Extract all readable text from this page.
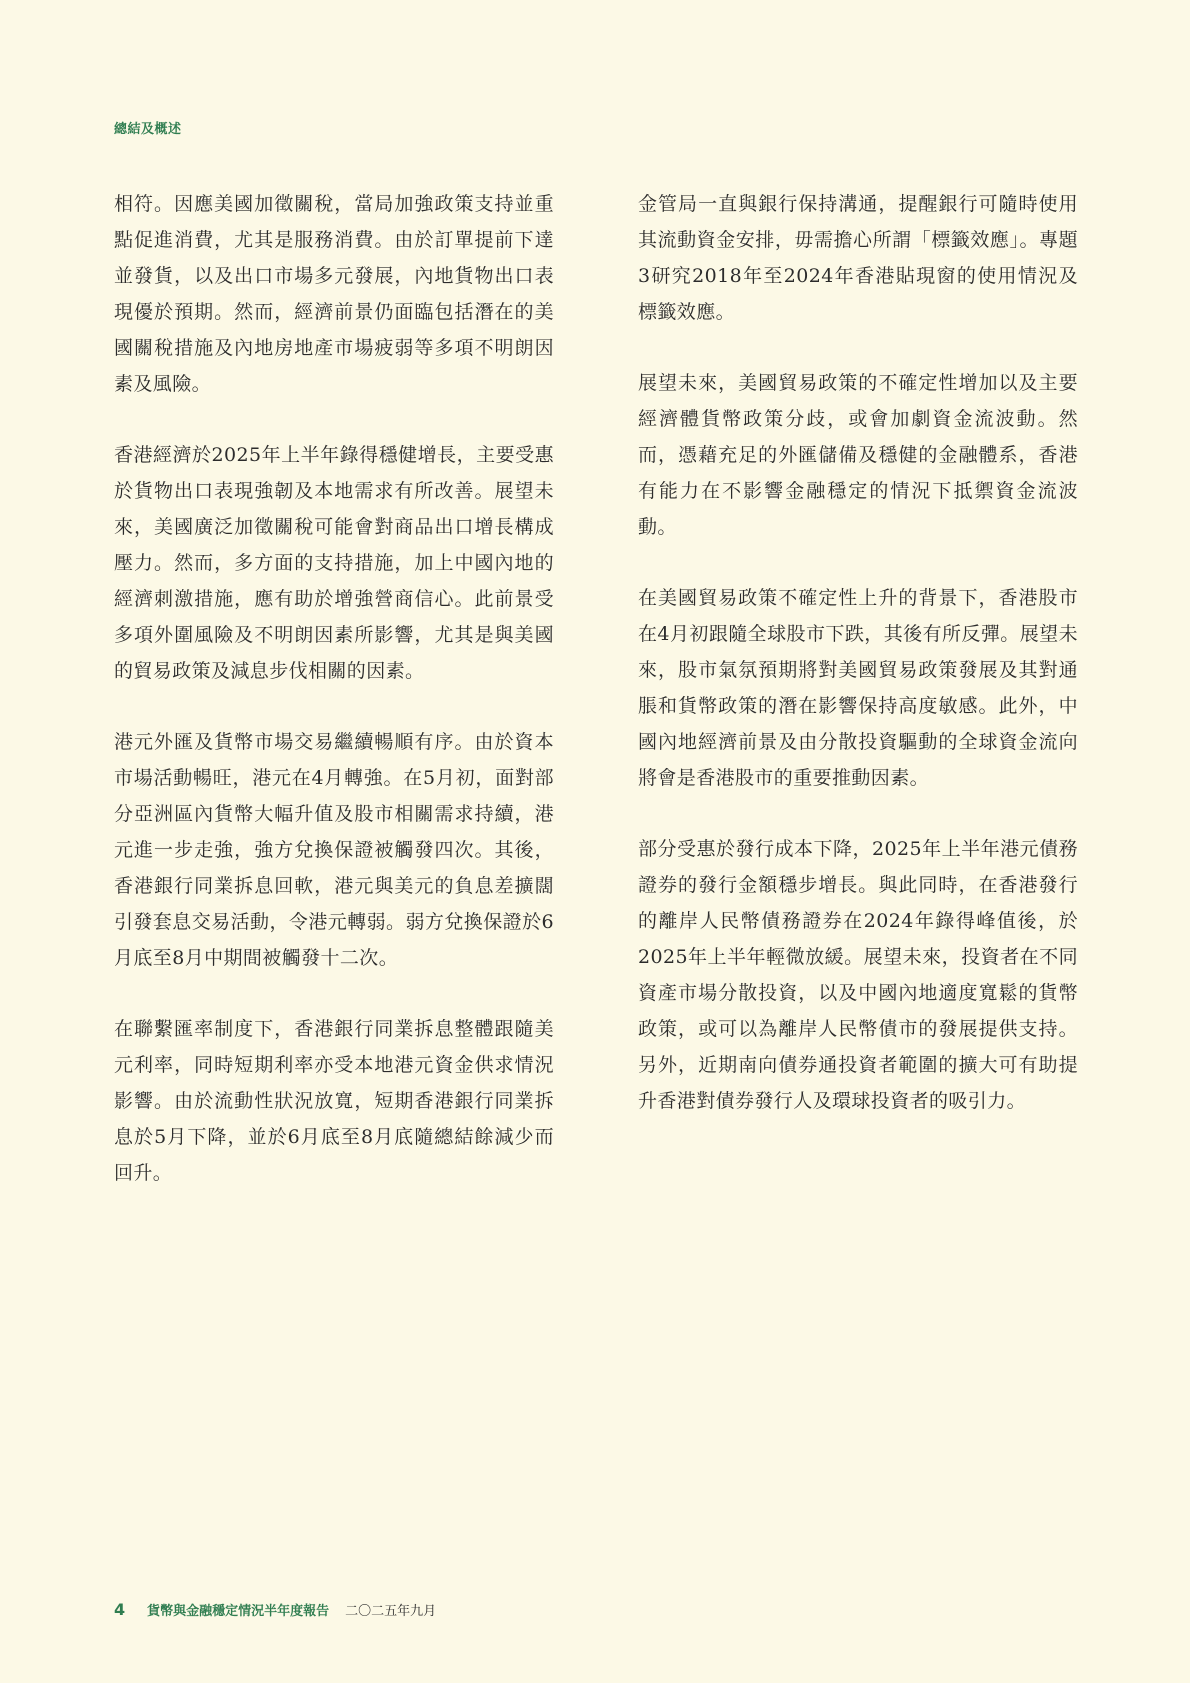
總結及概述

相符。因應美國加徵關稅，當局加強政策支持並重點促進消費，尤其是服務消費。由於訂單提前下達並發貨，以及出口市場多元發展，內地貨物出口表現優於預期。然而，經濟前景仍面臨包括潛在的美國關稅措施及內地房地產市場疲弱等多項不明朗因素及風險。

香港經濟於2025年上半年錄得穩健增長，主要受惠於貨物出口表現強韌及本地需求有所改善。展望未來，美國廣泛加徵關稅可能會對商品出口增長構成壓力。然而，多方面的支持措施，加上中國內地的經濟刺激措施，應有助於增強營商信心。此前景受多項外圍風險及不明朗因素所影響，尤其是與美國的貿易政策及減息步伐相關的因素。

港元外匯及貨幣市場交易繼續暢順有序。由於資本市場活動暢旺，港元在4月轉強。在5月初，面對部分亞洲區內貨幣大幅升值及股市相關需求持續，港元進一步走強，強方兌換保證被觸發四次。其後，香港銀行同業拆息回軟，港元與美元的負息差擴闊引發套息交易活動，令港元轉弱。弱方兌換保證於6月底至8月中期間被觸發十二次。

在聯繫匯率制度下，香港銀行同業拆息整體跟隨美元利率，同時短期利率亦受本地港元資金供求情況影響。由於流動性狀況放寬，短期香港銀行同業拆息於5月下降，並於6月底至8月底隨總結餘減少而回升。

金管局一直與銀行保持溝通，提醒銀行可隨時使用其流動資金安排，毋需擔心所謂「標籤效應」。專題3研究2018年至2024年香港貼現窗的使用情況及標籤效應。

展望未來，美國貿易政策的不確定性增加以及主要經濟體貨幣政策分歧，或會加劇資金流波動。然而，憑藉充足的外匯儲備及穩健的金融體系，香港有能力在不影響金融穩定的情況下抵禦資金流波動。

在美國貿易政策不確定性上升的背景下，香港股市在4月初跟隨全球股市下跌，其後有所反彈。展望未來，股市氣氛預期將對美國貿易政策發展及其對通脹和貨幣政策的潛在影響保持高度敏感。此外，中國內地經濟前景及由分散投資驅動的全球資金流向將會是香港股市的重要推動因素。

部分受惠於發行成本下降，2025年上半年港元債務證券的發行金額穩步增長。與此同時，在香港發行的離岸人民幣債務證券在2024年錄得峰值後，於2025年上半年輕微放緩。展望未來，投資者在不同資產市場分散投資，以及中國內地適度寬鬆的貨幣政策，或可以為離岸人民幣債市的發展提供支持。另外，近期南向債券通投資者範圍的擴大可有助提升香港對債券發行人及環球投資者的吸引力。

4 貨幣與金融穩定情況半年度報告 二〇二五年九月
